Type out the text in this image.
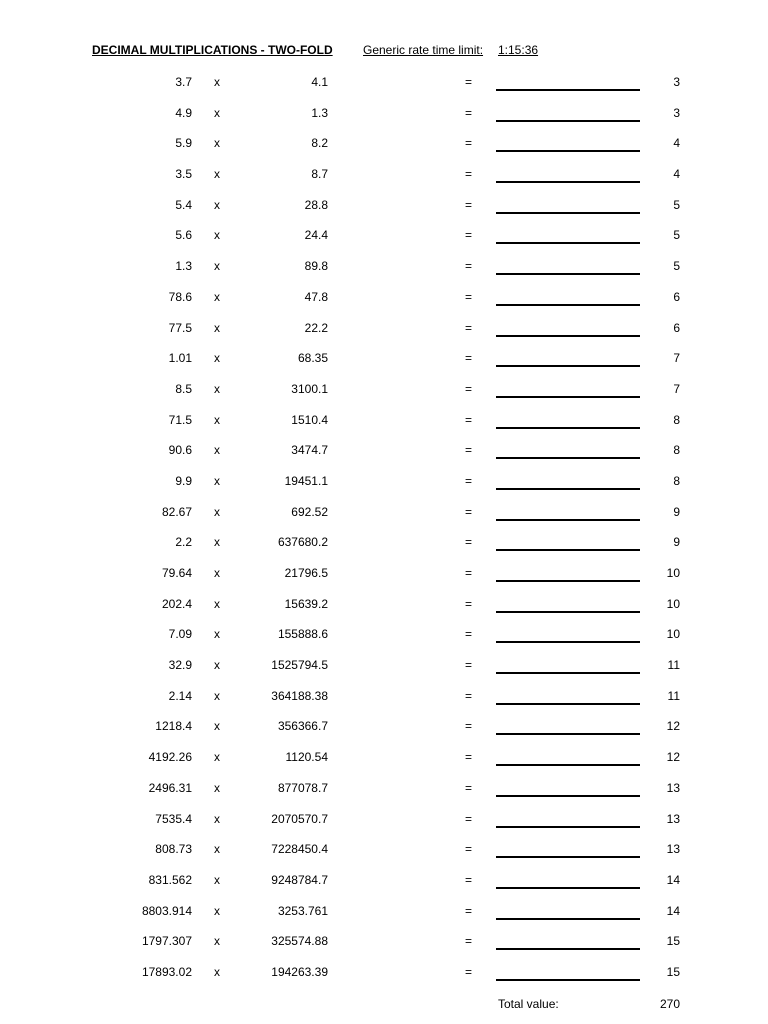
DECIMAL MULTIPLICATIONS - TWO-FOLD	Generic rate time limit: 1:15:36
3.7 x	4.1	=	3
4.9 x	1.3	=	3
5.9 x	8.2	=	4
3.5 x	8.7	=	4
5.4 x	28.8	=	5
5.6 x	24.4	=	5
1.3 x	89.8	=	5
78.6 x	47.8	=	6
77.5 x	22.2	=	6
1.01 x	68.35	=	7
8.5 x	3100.1	=	7
71.5 x	1510.4	=	8
90.6 x	3474.7	=	8
9.9 x	19451.1	=	8
82.67 x	692.52	=	9
2.2 x	637680.2	=	9
79.64 x	21796.5	=	10
202.4 x	15639.2	=	10
7.09 x	155888.6	=	10
32.9 x	1525794.5	=	11
2.14 x	364188.38	=	11
1218.4 x	356366.7	=	12
4192.26 x	1120.54	=	12
2496.31 x	877078.7	=	13
7535.4 x	2070570.7	=	13
808.73 x	7228450.4	=	13
831.562 x	9248784.7	=	14
8803.914 x	3253.761	=	14
1797.307 x	325574.88	=	15
17893.02 x	194263.39	=	15
Total value:	270
